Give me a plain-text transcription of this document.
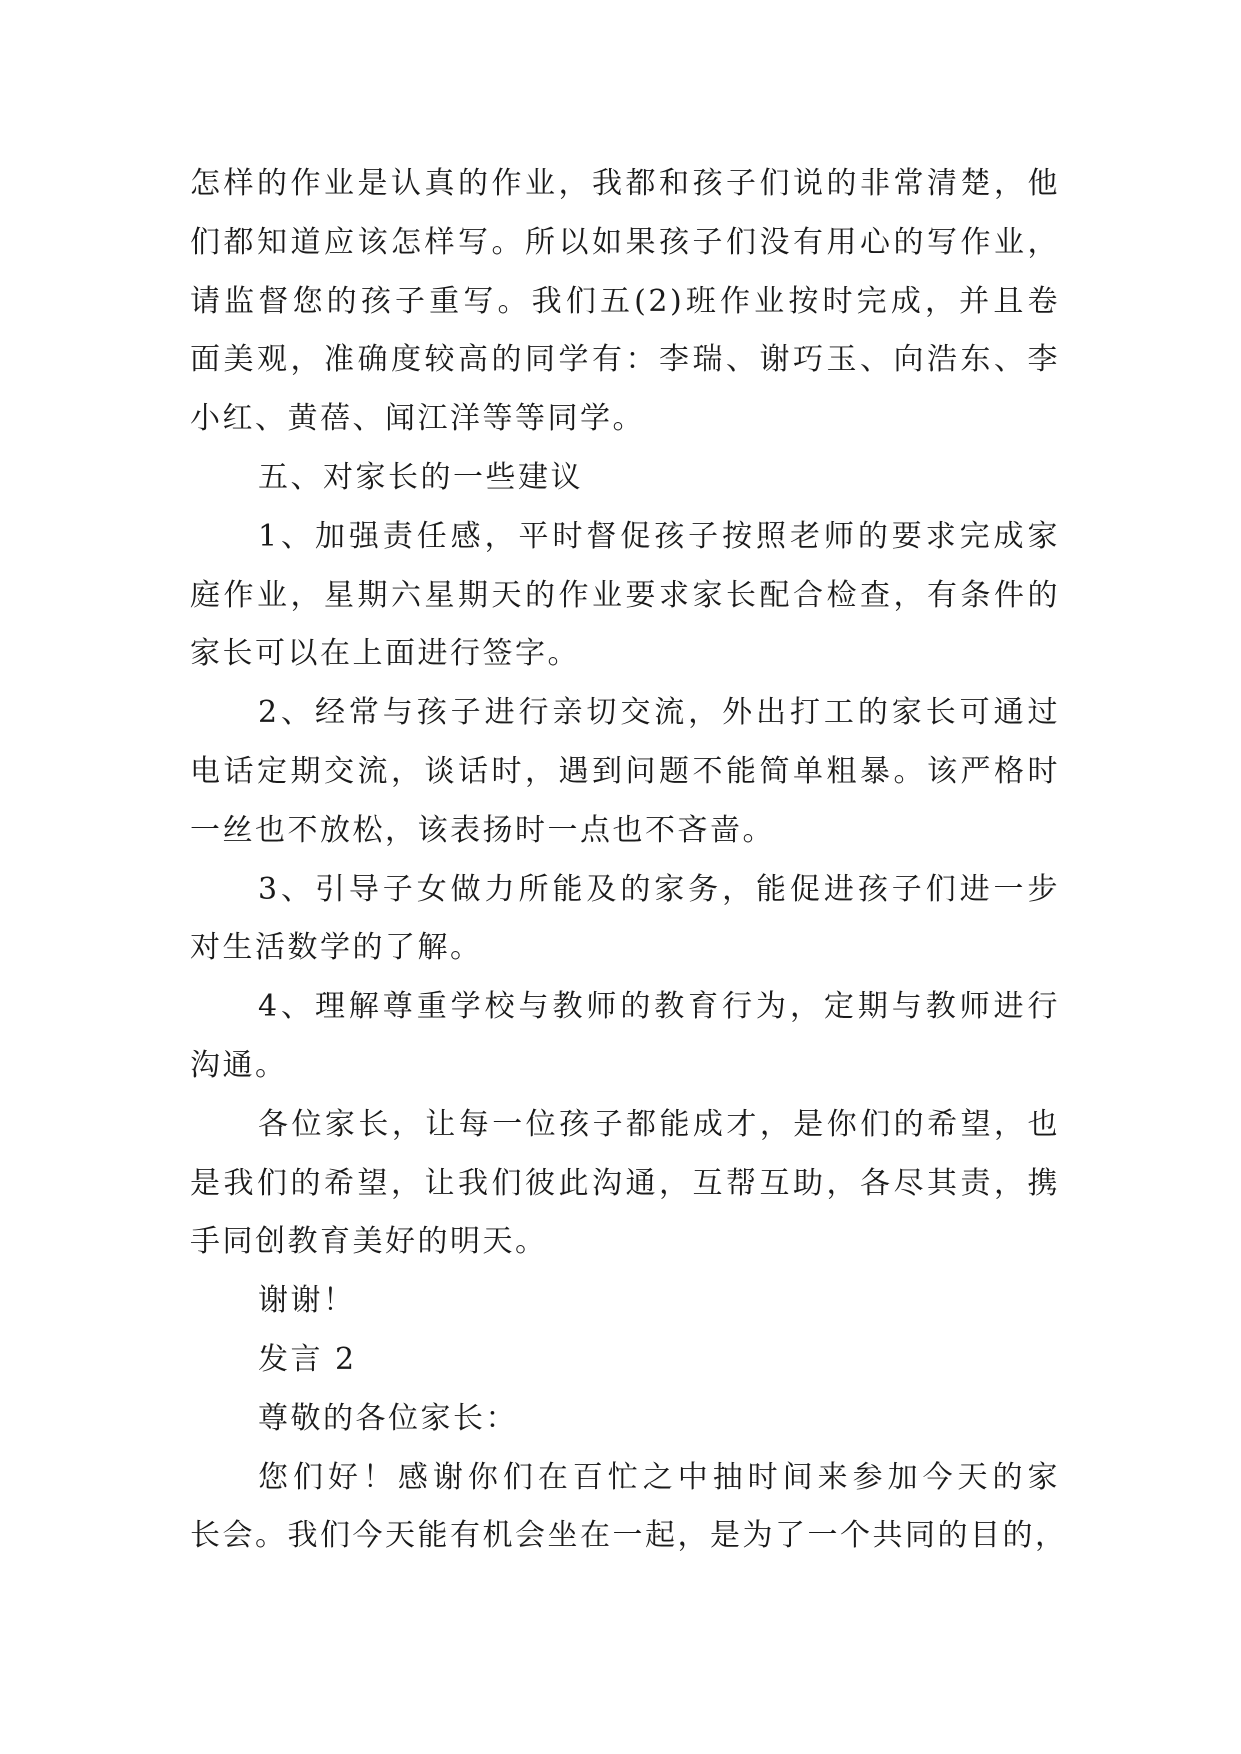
怎样的作业是认真的作业，我都和孩子们说的非常清楚，他
们都知道应该怎样写。所以如果孩子们没有用心的写作业，
请监督您的孩子重写。我们五(2)班作业按时完成，并且卷
面美观，准确度较高的同学有：李瑞、谢巧玉、向浩东、李
小红、黄蓓、闻江洋等等同学。
五、对家长的一些建议
1、加强责任感，平时督促孩子按照老师的要求完成家
庭作业，星期六星期天的作业要求家长配合检查，有条件的
家长可以在上面进行签字。
2、经常与孩子进行亲切交流，外出打工的家长可通过
电话定期交流，谈话时，遇到问题不能简单粗暴。该严格时
一丝也不放松，该表扬时一点也不吝啬。
3、引导子女做力所能及的家务，能促进孩子们进一步
对生活数学的了解。
4、理解尊重学校与教师的教育行为，定期与教师进行
沟通。
各位家长，让每一位孩子都能成才，是你们的希望，也
是我们的希望，让我们彼此沟通，互帮互助，各尽其责，携
手同创教育美好的明天。
谢谢！
发言 2
尊敬的各位家长：
您们好！感谢你们在百忙之中抽时间来参加今天的家
长会。我们今天能有机会坐在一起，是为了一个共同的目的，
